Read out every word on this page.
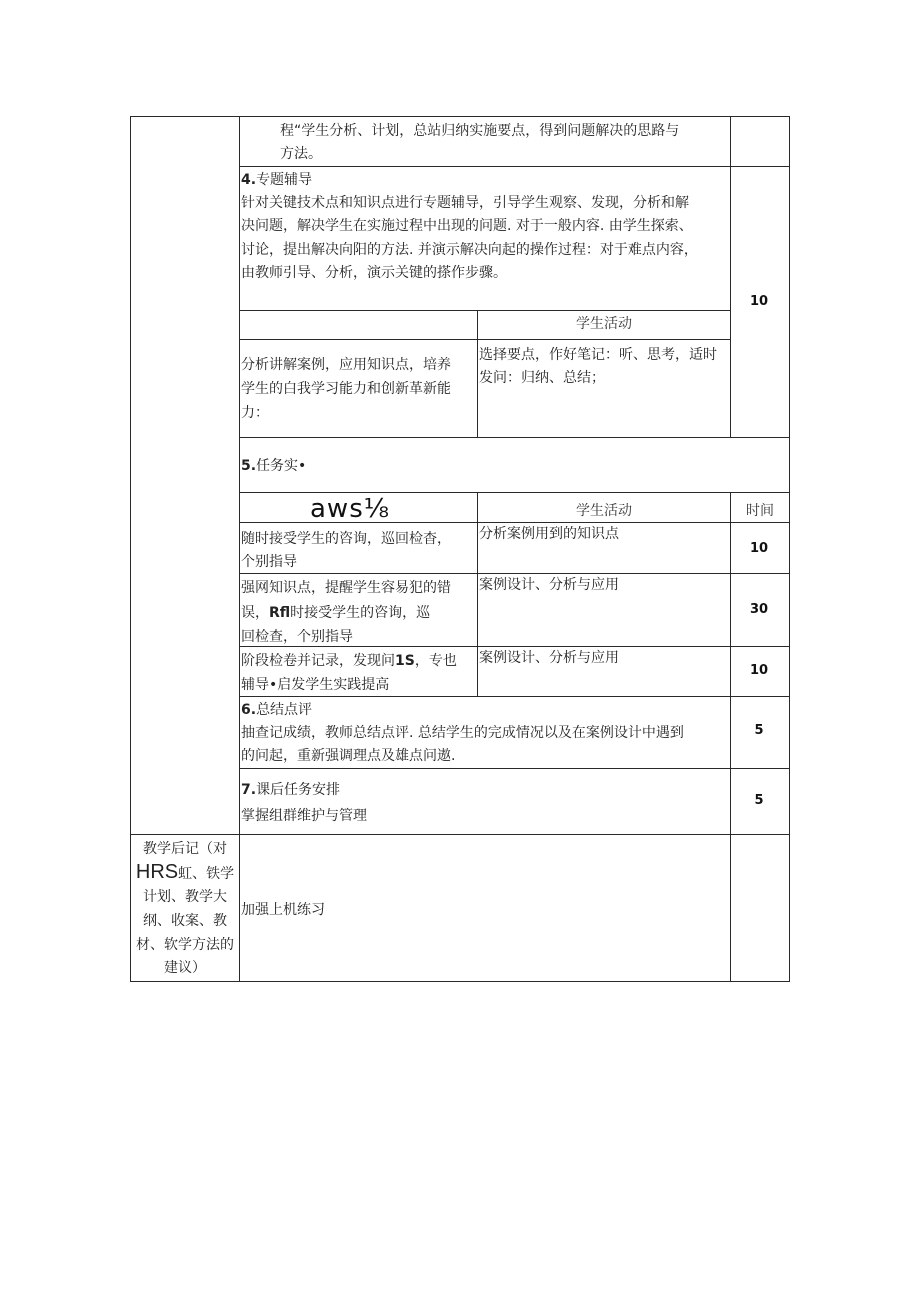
程“学生分析、计划，总站归纳实施要点，得到问题解决的思路与
方法。
4.专题辅导
针对关键技术点和知识点进行专题辅导，引导学生观察、发现，分析和解
决问题，解决学生在实施过程中出现的问题. 对于一般内容. 由学生探索、
讨论，提出解决向阳的方法. 并演示解决向起的操作过程：对于难点内容，
由教师引导、分析，演示关键的搽作步骤。
10
学生活动
分析讲解案例，应用知识点，培养
学生的白我学习能力和创新革新能
力：
选择要点，作好笔记：听、思考，适时
发问：归纳、总结；
5.任务实•
aws⅛	学生活动	时间
随时接受学生的咨询，巡回检杳，
个别指导
分析案例用到的知识点
10
强网知识点，提醒学生容易犯的错
误，Rfl时接受学生的咨询，巡
回检查，个别指导
案例设计、分析与应用
30
阶段检卷并记录，发现问1S，专也
辅导•启发学生实践提高
案例设计、分析与应用
10
6.总结点评
抽查记成绩，教师总结点评. 总结学生的完成情况以及在案例设计中遇到
的问起，重新强调理点及雄点问遨.
5
7.课后任务安排
掌握组群维护与管理
5
教学后记（对
HRS虹、铁学
计划、教学大
纲、收案、教
材、软学方法的
建议）
加强上机练习
